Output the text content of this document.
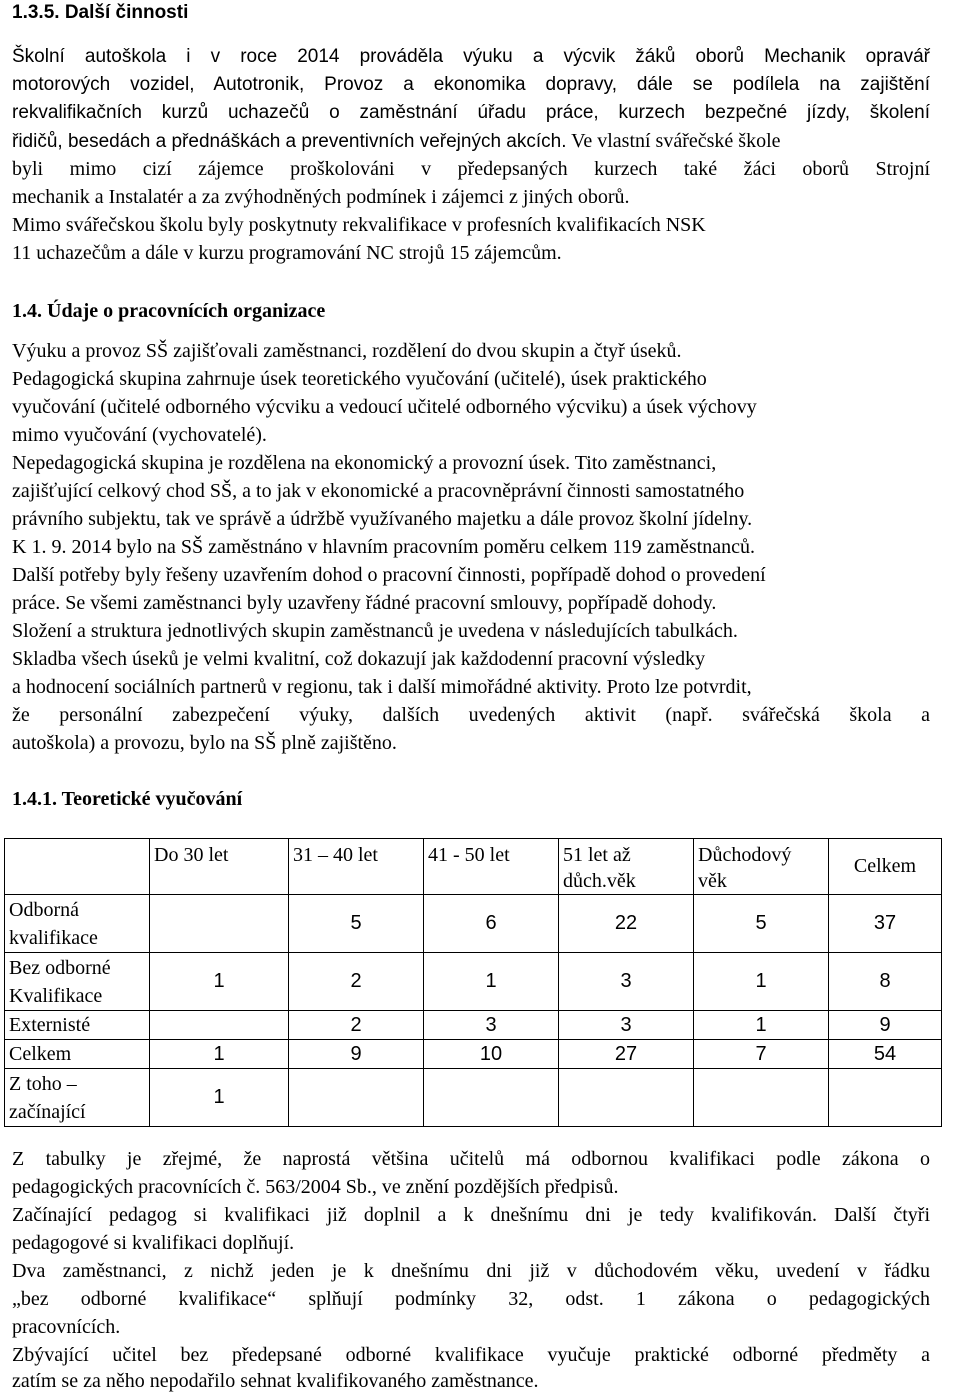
1.3.5. Další činnosti
Školní autoškola i v roce 2014 prováděla výuku a výcvik žáků oborů Mechanik opravář
motorových vozidel, Autotronik, Provoz a ekonomika dopravy, dále se podílela na zajištění
rekvalifikačních kurzů uchazečů o zaměstnání úřadu práce, kurzech bezpečné jízdy, školení
řidičů, besedách a přednáškách a preventivních veřejných akcích. Ve vlastní svářečské škole
byli mimo cizí zájemce proškolováni v předepsaných kurzech také žáci oborů Strojní
mechanik a Instalatér a za zvýhodněných podmínek i zájemci z jiných oborů.
Mimo svářečskou školu byly poskytnuty rekvalifikace v profesních kvalifikacích NSK
11 uchazečům a dále v kurzu programování NC strojů 15 zájemcům.
1.4. Údaje o pracovnících organizace
Výuku a provoz SŠ zajišťovali zaměstnanci, rozdělení do dvou skupin a čtyř úseků.
Pedagogická skupina zahrnuje úsek teoretického vyučování (učitelé), úsek praktického
vyučování (učitelé odborného výcviku a vedoucí učitelé odborného výcviku) a úsek výchovy
mimo vyučování (vychovatelé).
Nepedagogická skupina je rozdělena na ekonomický a provozní úsek. Tito zaměstnanci,
zajišťující celkový chod SŠ, a to jak v ekonomické a pracovněprávní činnosti samostatného
právního subjektu, tak ve správě a údržbě využívaného majetku a dále provoz školní jídelny.
K 1. 9. 2014 bylo na SŠ zaměstnáno v hlavním pracovním poměru celkem 119 zaměstnanců.
Další potřeby byly řešeny uzavřením dohod o pracovní činnosti, popřípadě dohod o provedení
práce. Se všemi zaměstnanci byly uzavřeny řádné pracovní smlouvy, popřípadě dohody.
Složení a struktura jednotlivých skupin zaměstnanců je uvedena v následujících tabulkách.
Skladba všech úseků je velmi kvalitní, což dokazují jak každodenní pracovní výsledky
a hodnocení sociálních partnerů v regionu, tak i další mimořádné aktivity. Proto lze potvrdit,
že personální zabezpečení výuky, dalších uvedených aktivit (např. svářečská škola a
autoškola) a provozu, bylo na SŠ plně zajištěno.
1.4.1. Teoretické vyučování
	Do 30 let	31 – 40 let	41 - 50 let	51 let až důch.věk	Důchodový věk	Celkem
Odborná kvalifikace		5	6	22	5	37
Bez odborné Kvalifikace	1	2	1	3	1	8
Externisté		2	3	3	1	9
Celkem	1	9	10	27	7	54
Z toho – začínající	1					
Z tabulky je zřejmé, že naprostá většina učitelů má odbornou kvalifikaci podle zákona o
pedagogických pracovnících č. 563/2004 Sb., ve znění pozdějších předpisů.
Začínající pedagog si kvalifikaci již doplnil a k dnešnímu dni je tedy kvalifikován. Další čtyři
pedagogové si kvalifikaci doplňují.
Dva zaměstnanci, z nichž jeden je k dnešnímu dni již v důchodovém věku, uvedení v řádku
„bez odborné kvalifikace“ splňují podmínky 32, odst. 1 zákona o pedagogických
pracovnících.
Zbývající učitel bez předepsané odborné kvalifikace vyučuje praktické odborné předměty a
zatím se za něho nepodařilo sehnat kvalifikovaného zaměstnance.
